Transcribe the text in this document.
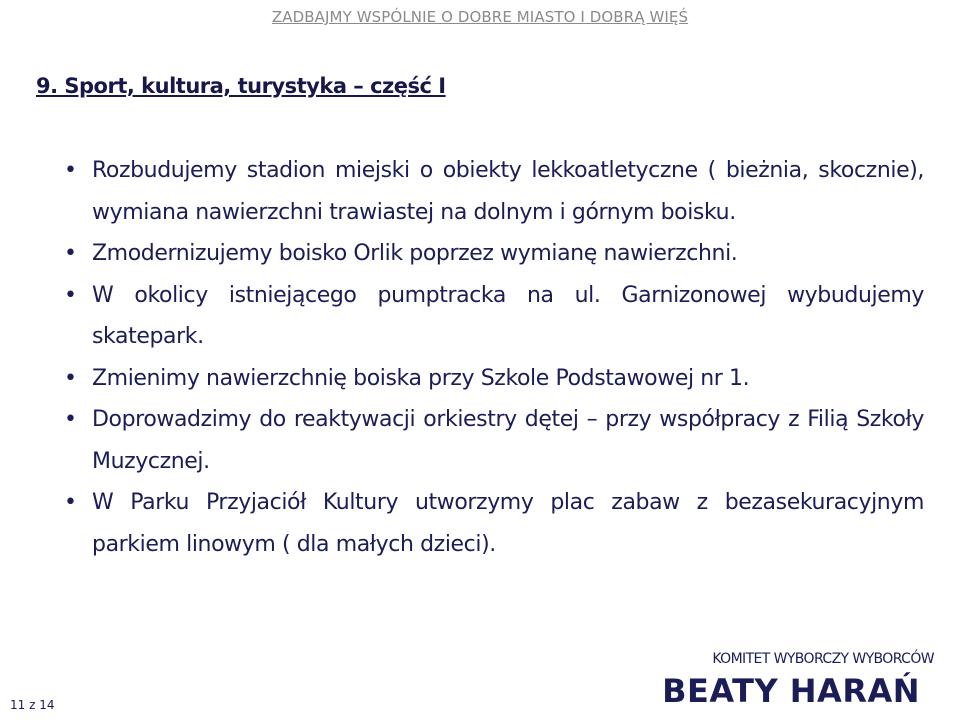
ZADBAJMY WSPÓLNIE O DOBRE MIASTO I DOBRĄ WIĘŚ
9. Sport, kultura, turystyka – część I
• Rozbudujemy stadion miejski o obiekty lekkoatletyczne ( bieżnia, skocznie), wymiana nawierzchni trawiastej na dolnym i górnym boisku.
• Zmodernizujemy boisko Orlik poprzez wymianę nawierzchni.
• W okolicy istniejącego pumptracka na ul. Garnizonowej wybudujemy skatepark.
• Zmienimy nawierzchnię boiska przy Szkole Podstawowej nr 1.
• Doprowadzimy do reaktywacji orkiestry dętej – przy współpracy z Filią Szkoły Muzycznej.
• W Parku Przyjaciół Kultury utworzymy plac zabaw z bezasekuracyjnym parkiem linowym ( dla małych dzieci).
KOMITET WYBORCZY WYBORCÓW
BEATY HARAŃ
11 z 14
